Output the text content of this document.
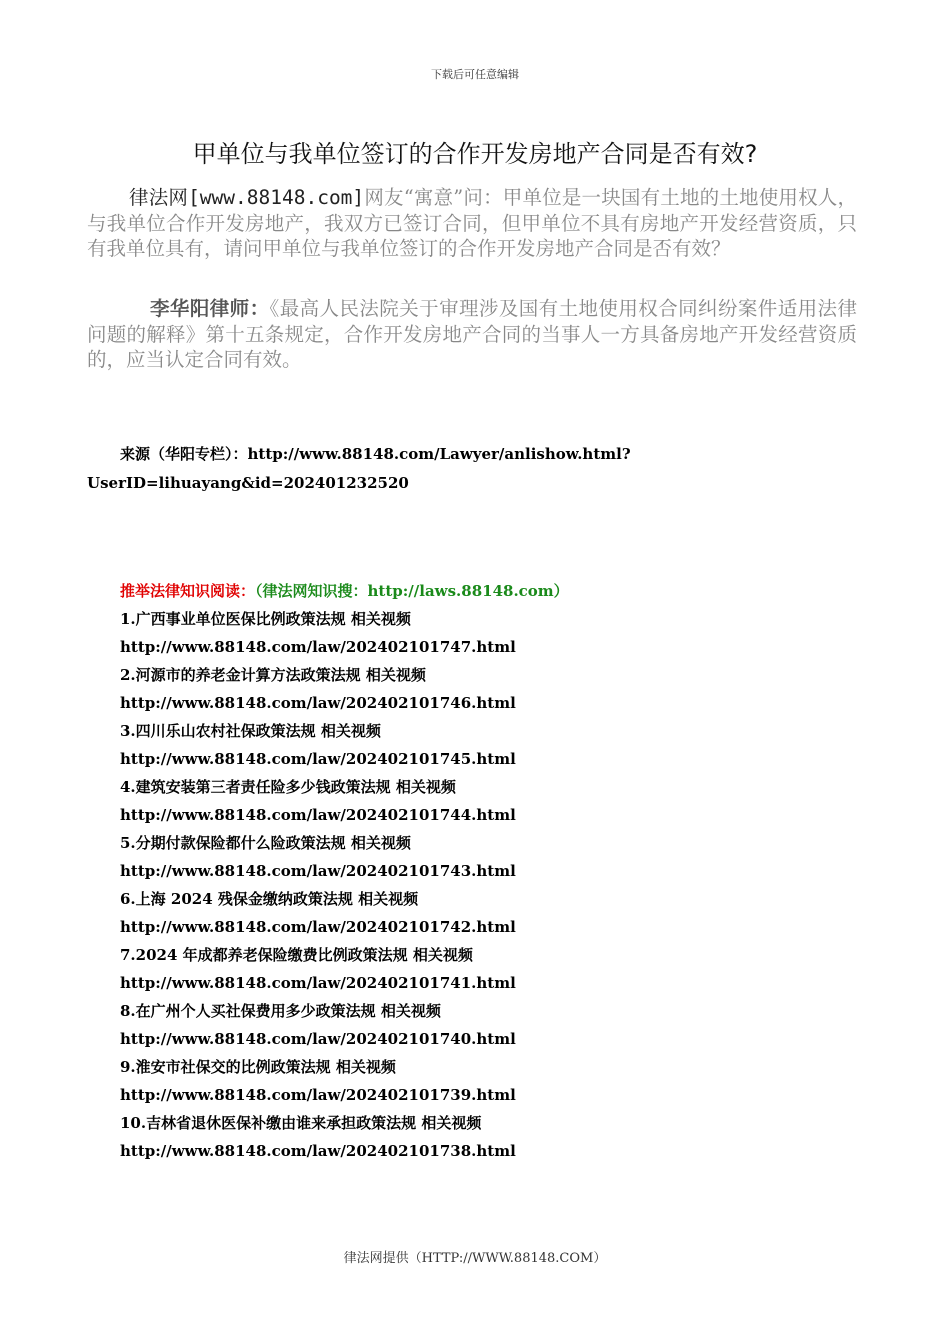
下载后可任意编辑
甲单位与我单位签订的合作开发房地产合同是否有效?

律法网[www.88148.com]网友“寓意”问：甲单位是一块国有土地的土地使用权人，与我单位合作开发房地产，我双方已签订合同，但甲单位不具有房地产开发经营资质，只有我单位具有，请问甲单位与我单位签订的合作开发房地产合同是否有效？

李华阳律师：《最高人民法院关于审理涉及国有土地使用权合同纠纷案件适用法律问题的解释》第十五条规定，合作开发房地产合同的当事人一方具备房地产开发经营资质的，应当认定合同有效。

来源（华阳专栏）：http://www.88148.com/Lawyer/anlishow.html?UserID=lihuayang&id=202401232520

推举法律知识阅读：（律法网知识搜：http://laws.88148.com）

1.广西事业单位医保比例政策法规 相关视频
http://www.88148.com/law/202402101747.html
2.河源市的养老金计算方法政策法规 相关视频
http://www.88148.com/law/202402101746.html
3.四川乐山农村社保政策法规 相关视频
http://www.88148.com/law/202402101745.html
4.建筑安装第三者责任险多少钱政策法规 相关视频
http://www.88148.com/law/202402101744.html
5.分期付款保险都什么险政策法规 相关视频
http://www.88148.com/law/202402101743.html
6.上海 2024 残保金缴纳政策法规 相关视频
http://www.88148.com/law/202402101742.html
7.2024 年成都养老保险缴费比例政策法规 相关视频
http://www.88148.com/law/202402101741.html
8.在广州个人买社保费用多少政策法规 相关视频
http://www.88148.com/law/202402101740.html
9.淮安市社保交的比例政策法规 相关视频
http://www.88148.com/law/202402101739.html
10.吉林省退休医保补缴由谁来承担政策法规 相关视频
http://www.88148.com/law/202402101738.html
律法网提供（HTTP://WWW.88148.COM）
